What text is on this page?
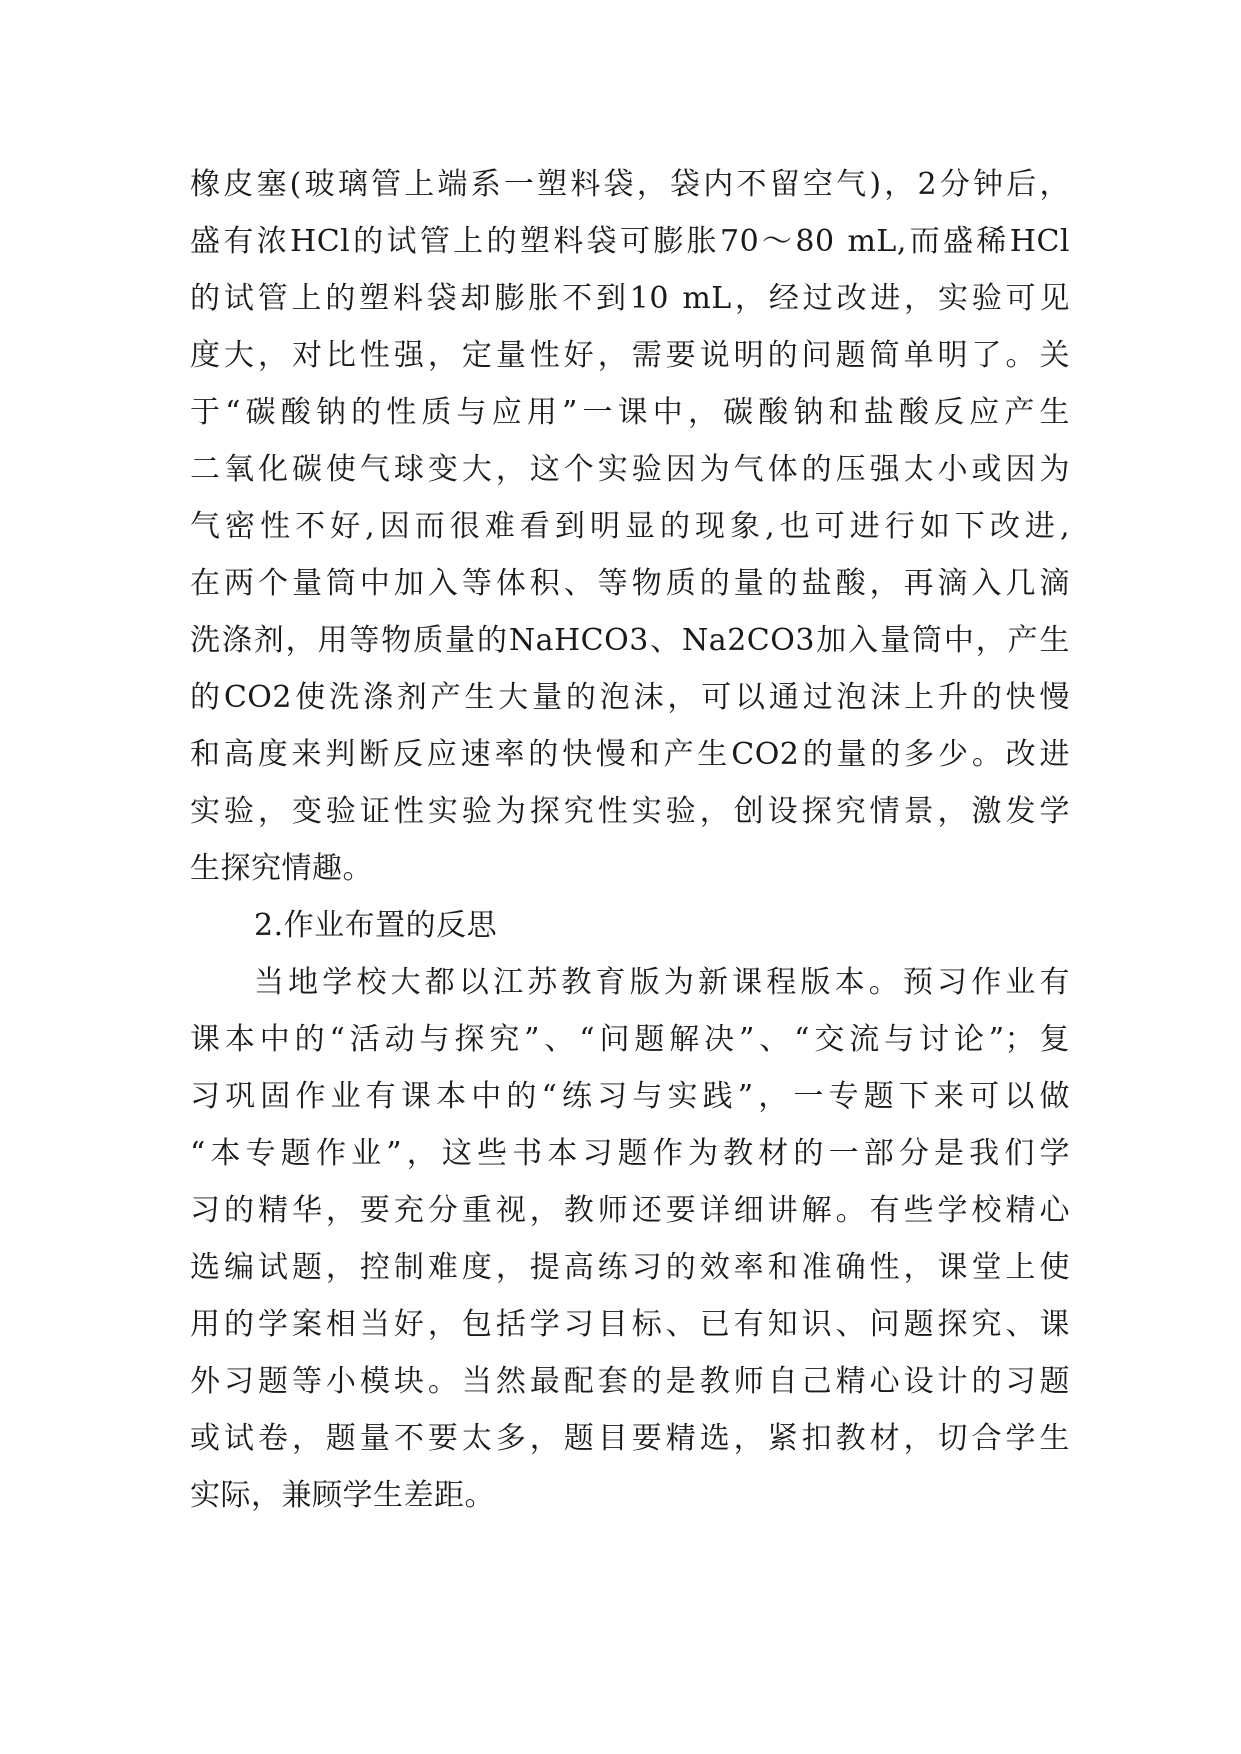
橡皮塞(玻璃管上端系一塑料袋，袋内不留空气)，2分钟后，
盛有浓HCl的试管上的塑料袋可膨胀70～80 mL,而盛稀HCl
的试管上的塑料袋却膨胀不到10 mL，经过改进，实验可见
度大，对比性强，定量性好，需要说明的问题简单明了。关
于“碳酸钠的性质与应用”一课中，碳酸钠和盐酸反应产生
二氧化碳使气球变大，这个实验因为气体的压强太小或因为
气密性不好,因而很难看到明显的现象,也可进行如下改进,
在两个量筒中加入等体积、等物质的量的盐酸，再滴入几滴
洗涤剂，用等物质量的NaHCO3、Na2CO3加入量筒中，产生
的CO2使洗涤剂产生大量的泡沫，可以通过泡沫上升的快慢
和高度来判断反应速率的快慢和产生CO2的量的多少。改进
实验，变验证性实验为探究性实验，创设探究情景，激发学
生探究情趣。
2.作业布置的反思
当地学校大都以江苏教育版为新课程版本。预习作业有
课本中的“活动与探究”、“问题解决”、“交流与讨论”；复
习巩固作业有课本中的“练习与实践”，一专题下来可以做
“本专题作业”，这些书本习题作为教材的一部分是我们学
习的精华，要充分重视，教师还要详细讲解。有些学校精心
选编试题，控制难度，提高练习的效率和准确性，课堂上使
用的学案相当好，包括学习目标、已有知识、问题探究、课
外习题等小模块。当然最配套的是教师自己精心设计的习题
或试卷，题量不要太多，题目要精选，紧扣教材，切合学生
实际，兼顾学生差距。
